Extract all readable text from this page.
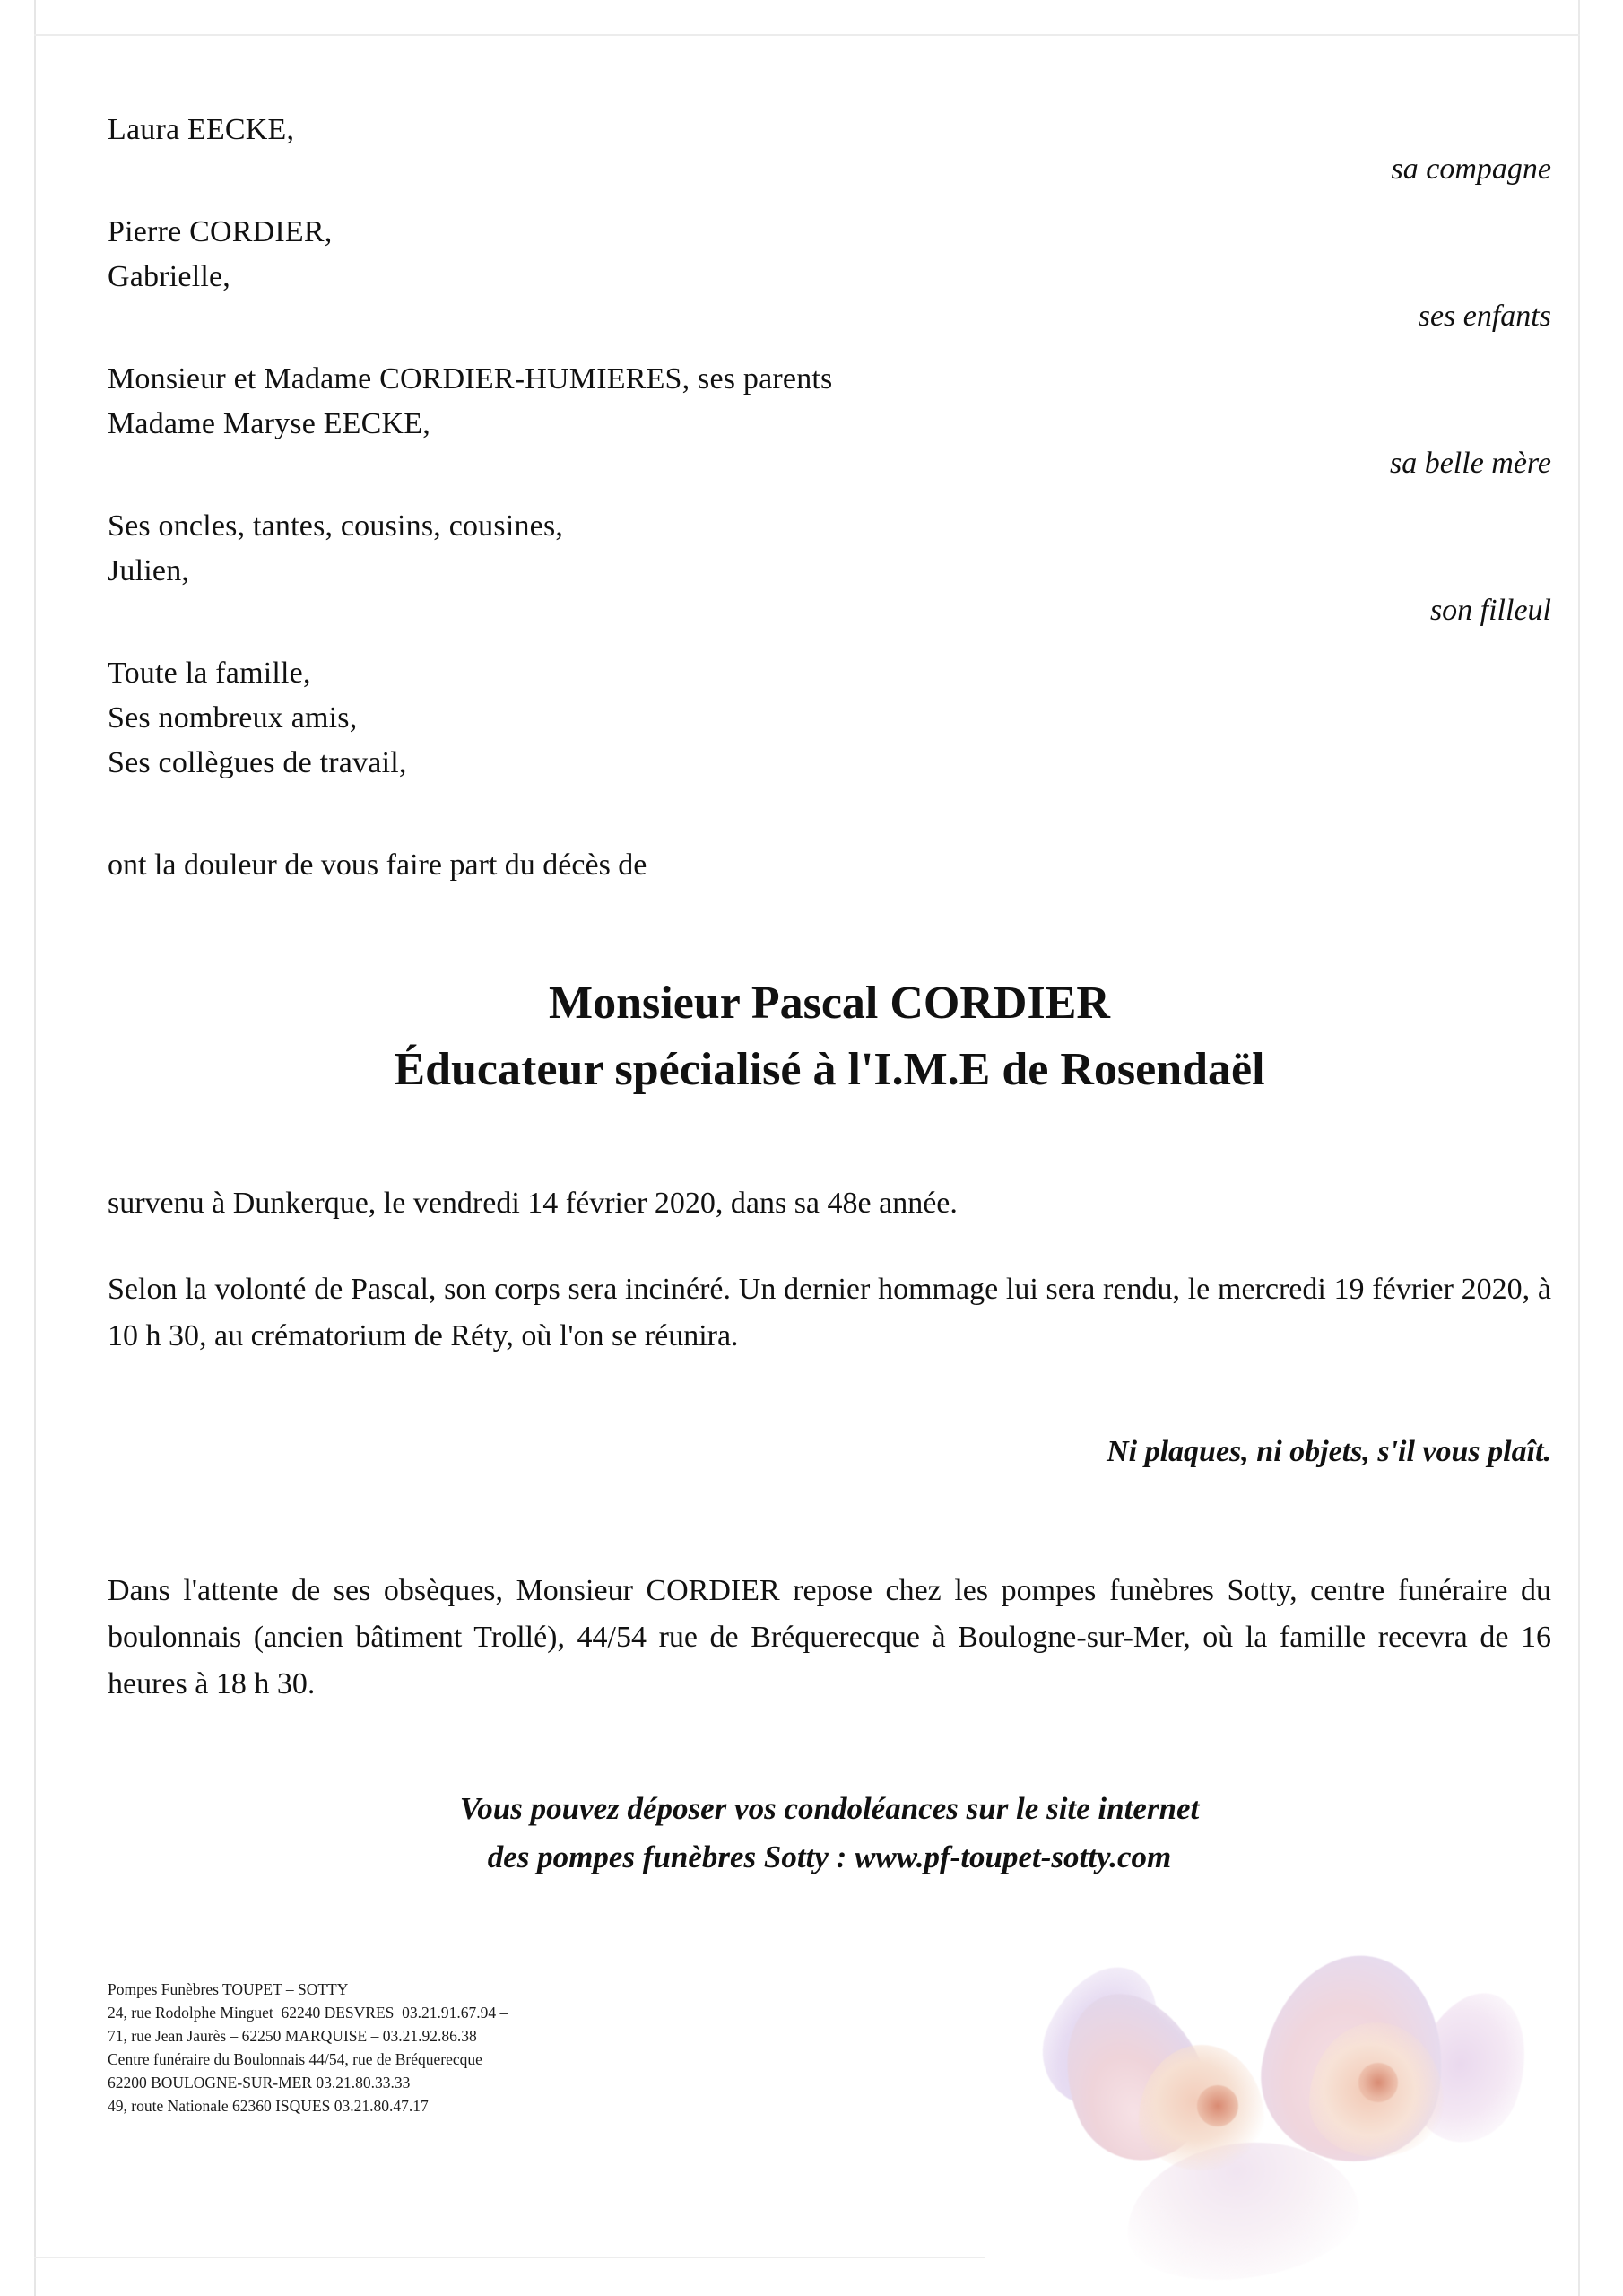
Laura EECKE,
sa compagne
Pierre CORDIER,
Gabrielle,
ses enfants
Monsieur et Madame CORDIER-HUMIERES, ses parents
Madame Maryse EECKE,
sa belle mère
Ses oncles, tantes, cousins, cousines,
Julien,
son filleul
Toute la famille,
Ses nombreux amis,
Ses collègues de travail,
ont la douleur de vous faire part du décès de
Monsieur Pascal CORDIER
Éducateur spécialisé à l'I.M.E de Rosendaël
survenu à Dunkerque, le vendredi 14 février 2020, dans sa 48e année.
Selon la volonté de Pascal, son corps sera incinéré. Un dernier hommage lui sera rendu, le mercredi 19 février 2020, à 10 h 30, au crématorium de Réty, où l'on se réunira.
Ni plaques, ni objets, s'il vous plaît.
Dans l'attente de ses obsèques, Monsieur CORDIER repose chez les pompes funèbres Sotty, centre funéraire du boulonnais (ancien bâtiment Trollé), 44/54 rue de Bréquerecque à Boulogne-sur-Mer, où la famille recevra de 16 heures à 18 h 30.
Vous pouvez déposer vos condoléances sur le site internet
des pompes funèbres Sotty : www.pf-toupet-sotty.com
Pompes Funèbres TOUPET – SOTTY
24, rue Rodolphe Minguet  62240 DESVRES  03.21.91.67.94 –
71, rue Jean Jaurès – 62250 MARQUISE – 03.21.92.86.38
Centre funéraire du Boulonnais 44/54, rue de Bréquerecque
62200 BOULOGNE-SUR-MER 03.21.80.33.33
49, route Nationale 62360 ISQUES 03.21.80.47.17
